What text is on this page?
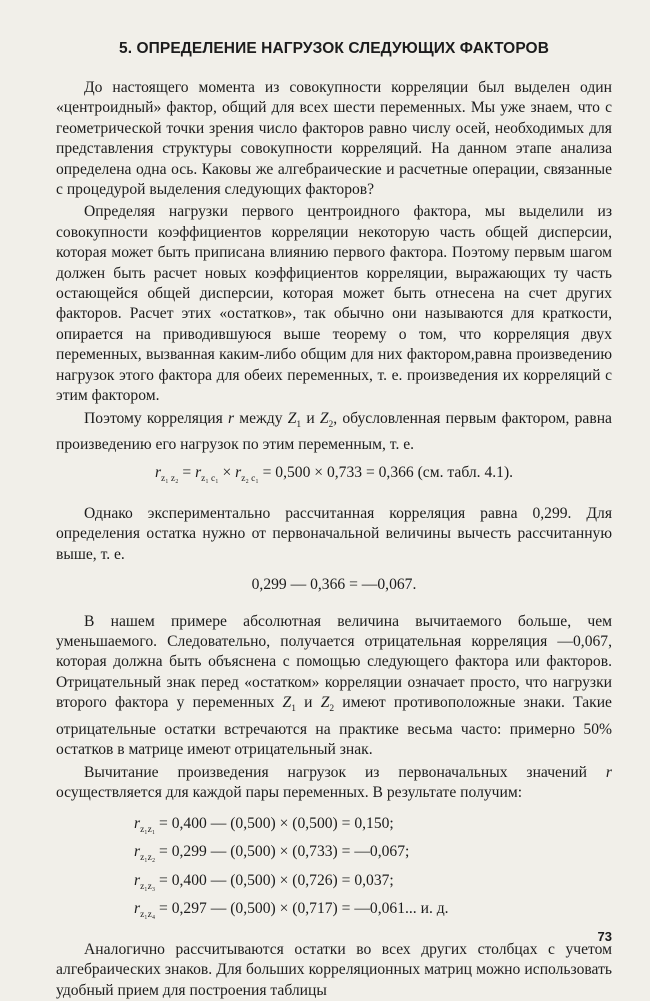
5. ОПРЕДЕЛЕНИЕ НАГРУЗОК СЛЕДУЮЩИХ ФАКТОРОВ

До настоящего момента из совокупности корреляции был выделен один «центроидный» фактор, общий для всех шести переменных. Мы уже знаем, что с геометрической точки зрения число факторов равно числу осей, необходимых для представления структуры совокупности корреляций. На данном этапе анализа определена одна ось. Каковы же алгебраические и расчетные операции, связанные с процедурой выделения следующих факторов?

Определяя нагрузки первого центроидного фактора, мы выделили из совокупности коэффициентов корреляции некоторую часть общей дисперсии, которая может быть приписана влиянию первого фактора. Поэтому первым шагом должен быть расчет новых коэффициентов корреляции, выражающих ту часть остающейся общей дисперсии, которая может быть отнесена на счет других факторов. Расчет этих «остатков», так обычно они называются для краткости, опирается на приводившуюся выше теорему о том, что корреляция двух переменных, вызванная каким-либо общим для них фактором,равна произведению нагрузок этого фактора для обеих переменных, т. е. произведения их корреляций с этим фактором.

Поэтому корреляция r между $Z_1$ и $Z_2$, обусловленная первым фактором, равна произведению его нагрузок по этим переменным, т. е.

$r_{z_1 z_2} = r_{z_1 c_1} \times r_{z_2 c_1} = 0,500 \times 0,733 = 0,366$ (см. табл. 4.1).

Однако экспериментально рассчитанная корреляция равна 0,299. Для определения остатка нужно от первоначальной величины вычесть рассчитанную выше, т. е.

0,299 — 0,366 = —0,067.

В нашем примере абсолютная величина вычитаемого больше, чем уменьшаемого. Следовательно, получается отрицательная корреляция —0,067, которая должна быть объяснена с помощью следующего фактора или факторов. Отрицательный знак перед «остатком» корреляции означает просто, что нагрузки второго фактора у переменных $Z_1$ и $Z_2$ имеют противоположные знаки. Такие отрицательные остатки встречаются на практике весьма часто: примерно 50% остатков в матрице имеют отрицательный знак.

Вычитание произведения нагрузок из первоначальных значений r осуществляется для каждой пары переменных. В результате получим:

$r_{z_1z_1} = 0,400$ — (0,500) × (0,500) = 0,150;
$r_{z_1z_2} = 0,299$ — (0,500) × (0,733) = —0,067;
$r_{z_1z_3} = 0,400$ — (0,500) × (0,726) = 0,037;
$r_{z_1z_4} = 0,297$ — (0,500) × (0,717) = —0,061... и. д.

Аналогично рассчитываются остатки во всех других столбцах с учетом алгебраических знаков. Для больших корреляционных матриц можно использовать удобный прием для построения таблицы

73
